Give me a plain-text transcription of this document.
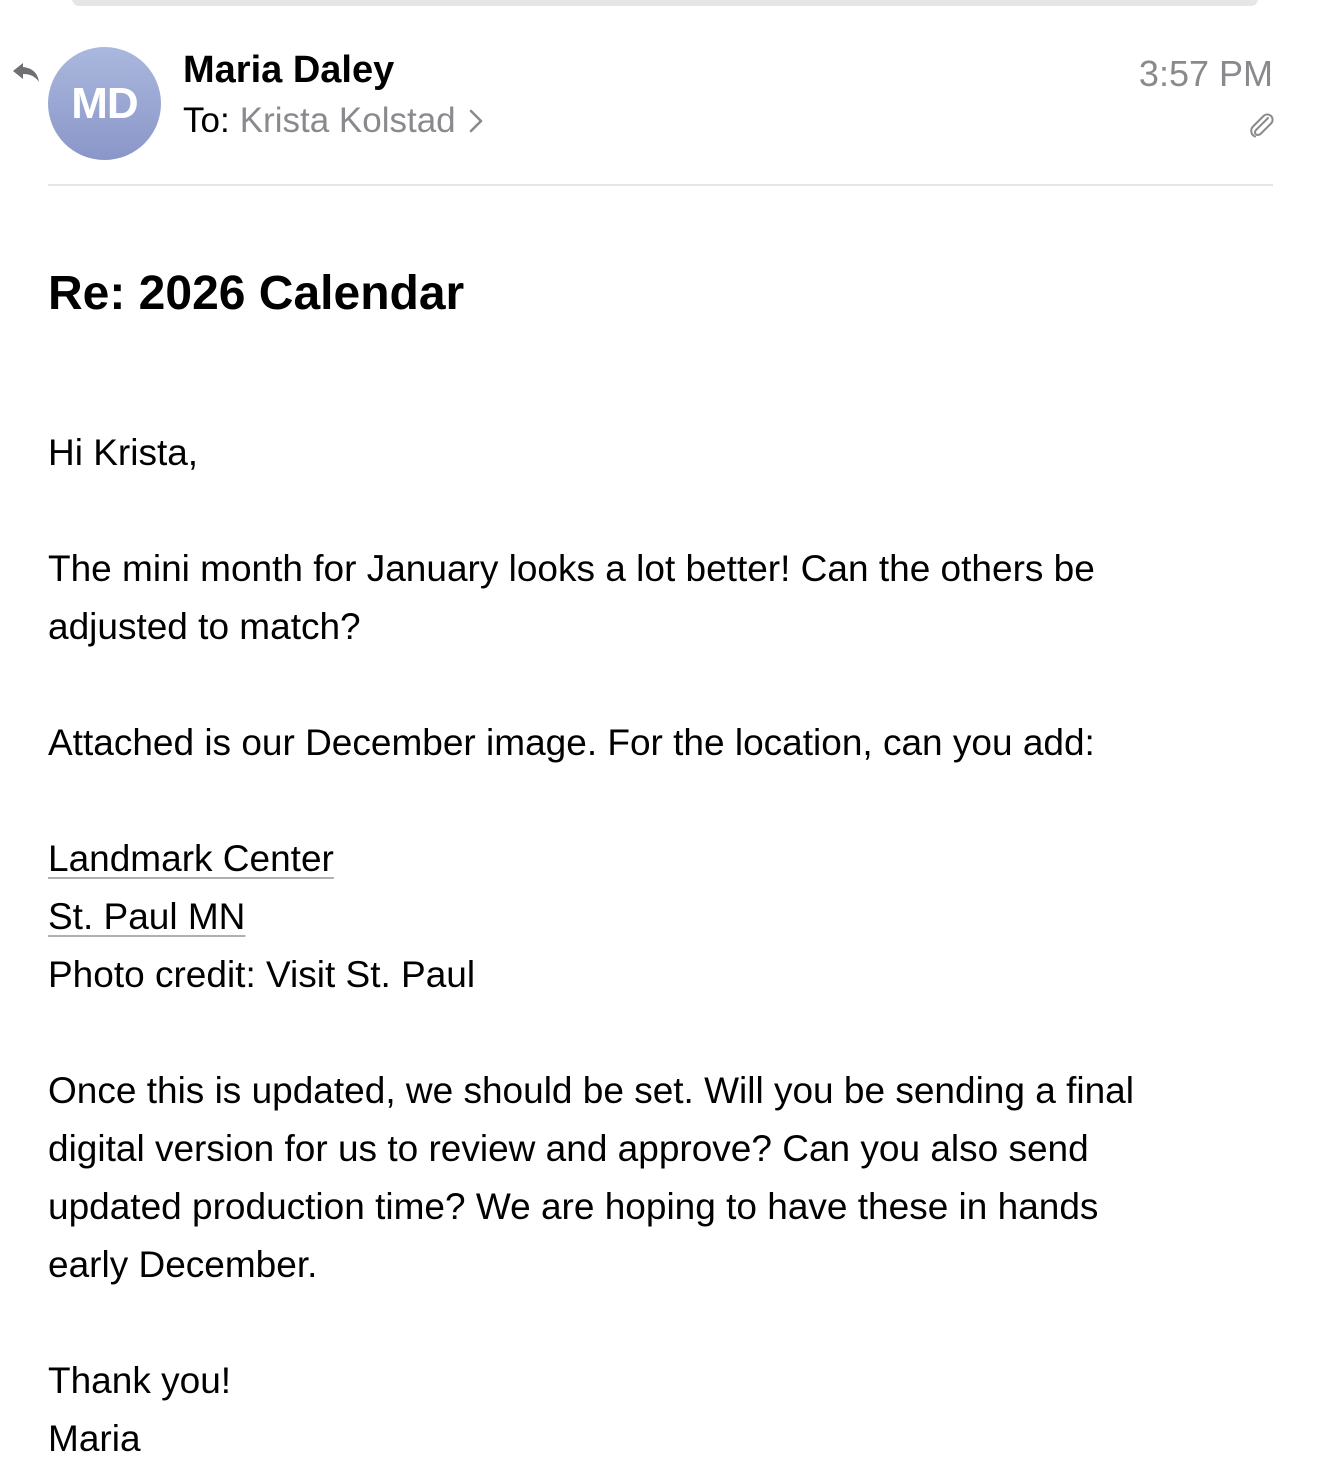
MD
Maria Daley
To: Krista Kolstad
3:57 PM
Re: 2026 Calendar
Hi Krista,
The mini month for January looks a lot better! Can the others be
adjusted to match?
Attached is our December image. For the location, can you add:
Landmark Center
St. Paul MN
Photo credit: Visit St. Paul
Once this is updated, we should be set. Will you be sending a final
digital version for us to review and approve? Can you also send
updated production time? We are hoping to have these in hands
early December.
Thank you!
Maria
